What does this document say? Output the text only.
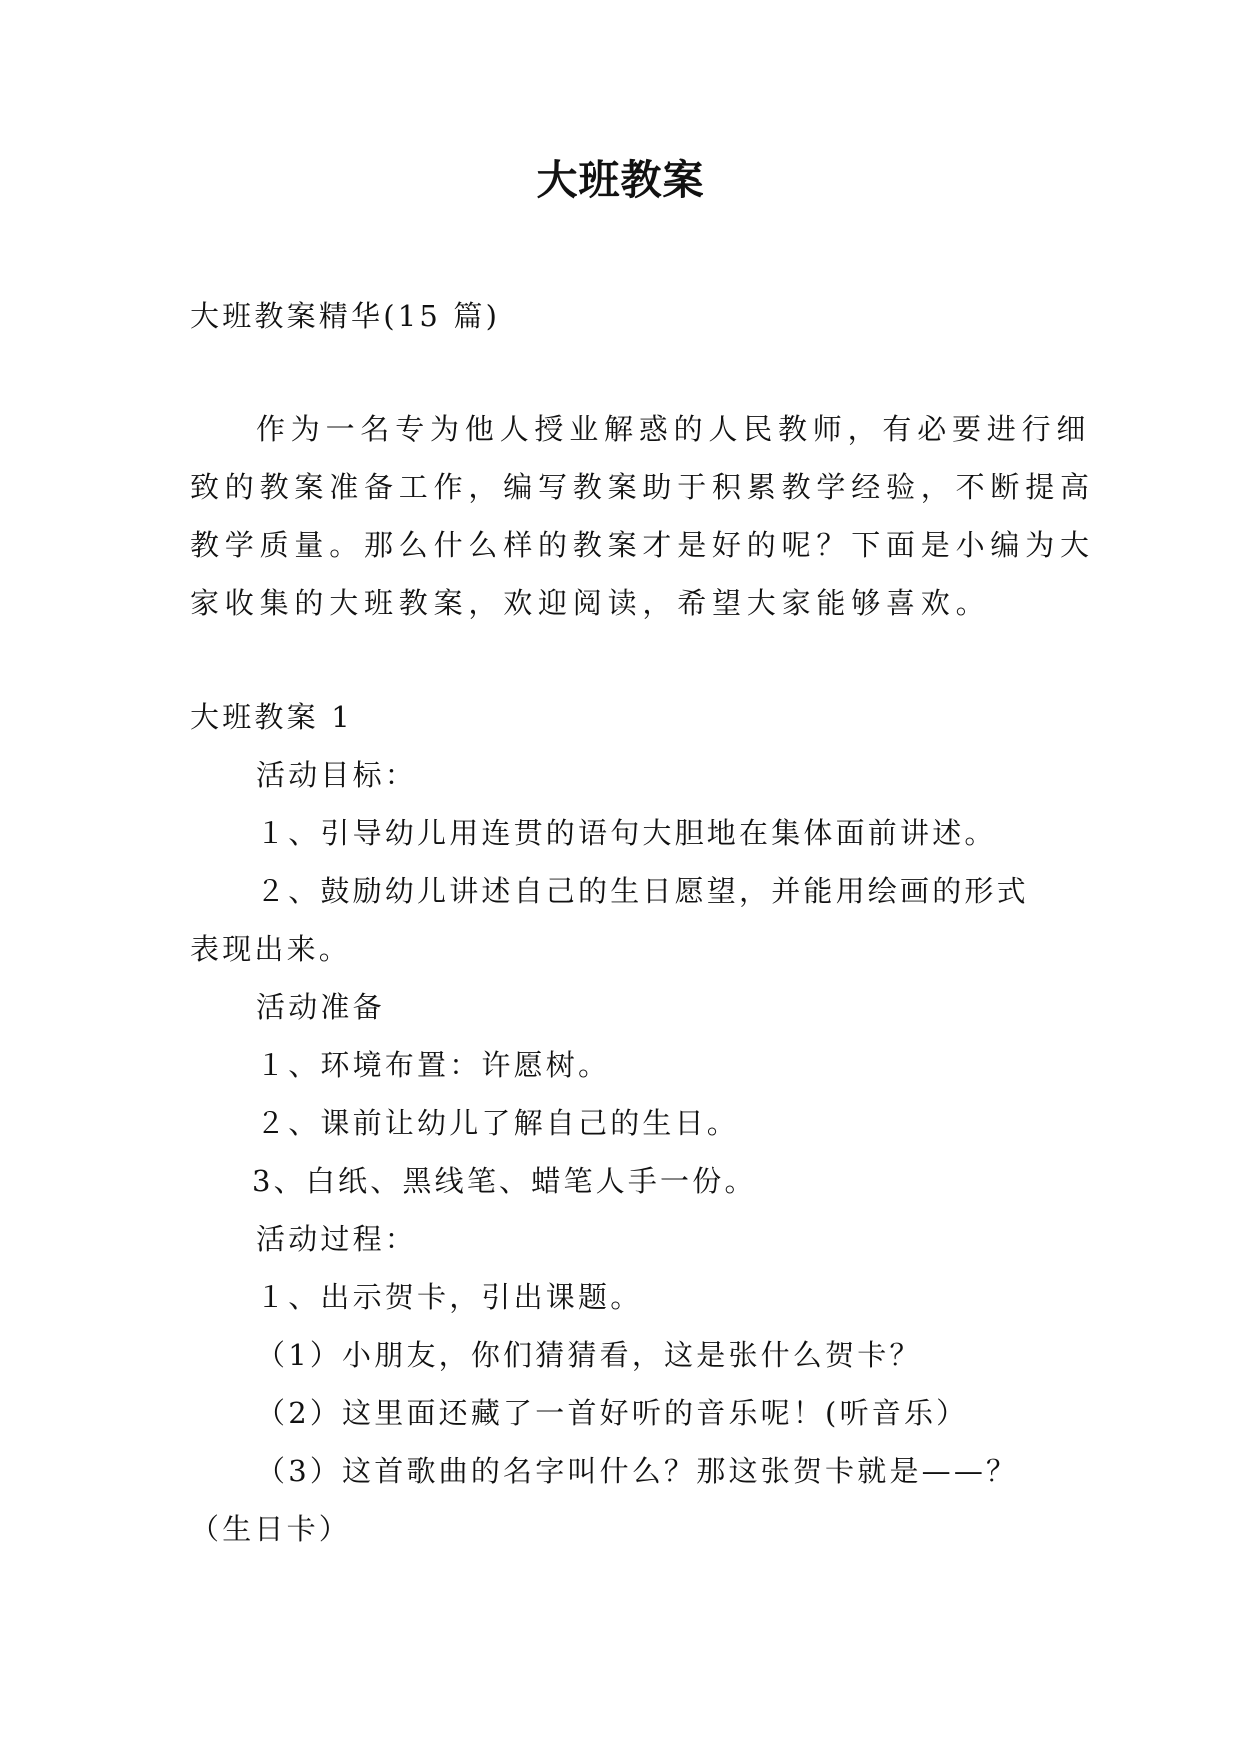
大班教案

大班教案精华(15 篇)

作为一名专为他人授业解惑的人民教师，有必要进行细

致的教案准备工作，编写教案助于积累教学经验，不断提高

教学质量。那么什么样的教案才是好的呢？下面是小编为大

家收集的大班教案，欢迎阅读，希望大家能够喜欢。

大班教案 1

活动目标：

１、引导幼儿用连贯的语句大胆地在集体面前讲述。

２、鼓励幼儿讲述自己的生日愿望，并能用绘画的形式

表现出来。

活动准备

１、环境布置：许愿树。

２、课前让幼儿了解自己的生日。

3、白纸、黑线笔、蜡笔人手一份。

活动过程：

１、出示贺卡，引出课题。

（1）小朋友，你们猜猜看，这是张什么贺卡？

（2）这里面还藏了一首好听的音乐呢！(听音乐）

（3）这首歌曲的名字叫什么？那这张贺卡就是——？

（生日卡）
